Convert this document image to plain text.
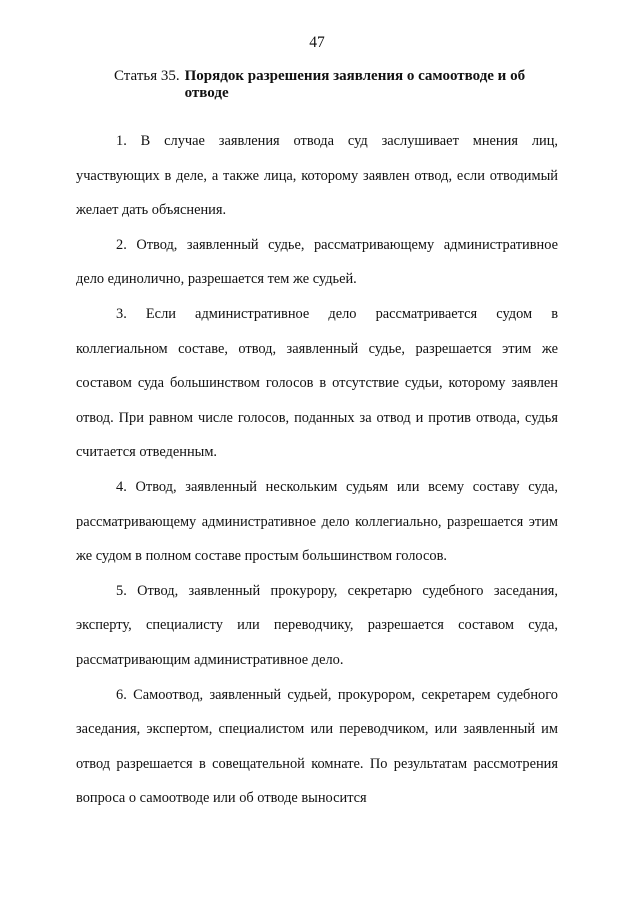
47
Статья 35. Порядок разрешения заявления о самоотводе и об отводе

1. В случае заявления отвода суд заслушивает мнения лиц, участвующих в деле, а также лица, которому заявлен отвод, если отводимый желает дать объяснения.

2. Отвод, заявленный судье, рассматривающему административное дело единолично, разрешается тем же судьей.

3. Если административное дело рассматривается судом в коллегиальном составе, отвод, заявленный судье, разрешается этим же составом суда большинством голосов в отсутствие судьи, которому заявлен отвод. При равном числе голосов, поданных за отвод и против отвода, судья считается отведенным.

4. Отвод, заявленный нескольким судьям или всему составу суда, рассматривающему административное дело коллегиально, разрешается этим же судом в полном составе простым большинством голосов.

5. Отвод, заявленный прокурору, секретарю судебного заседания, эксперту, специалисту или переводчику, разрешается составом суда, рассматривающим административное дело.

6. Самоотвод, заявленный судьей, прокурором, секретарем судебного заседания, экспертом, специалистом или переводчиком, или заявленный им отвод разрешается в совещательной комнате. По результатам рассмотрения вопроса о самоотводе или об отводе выносится
